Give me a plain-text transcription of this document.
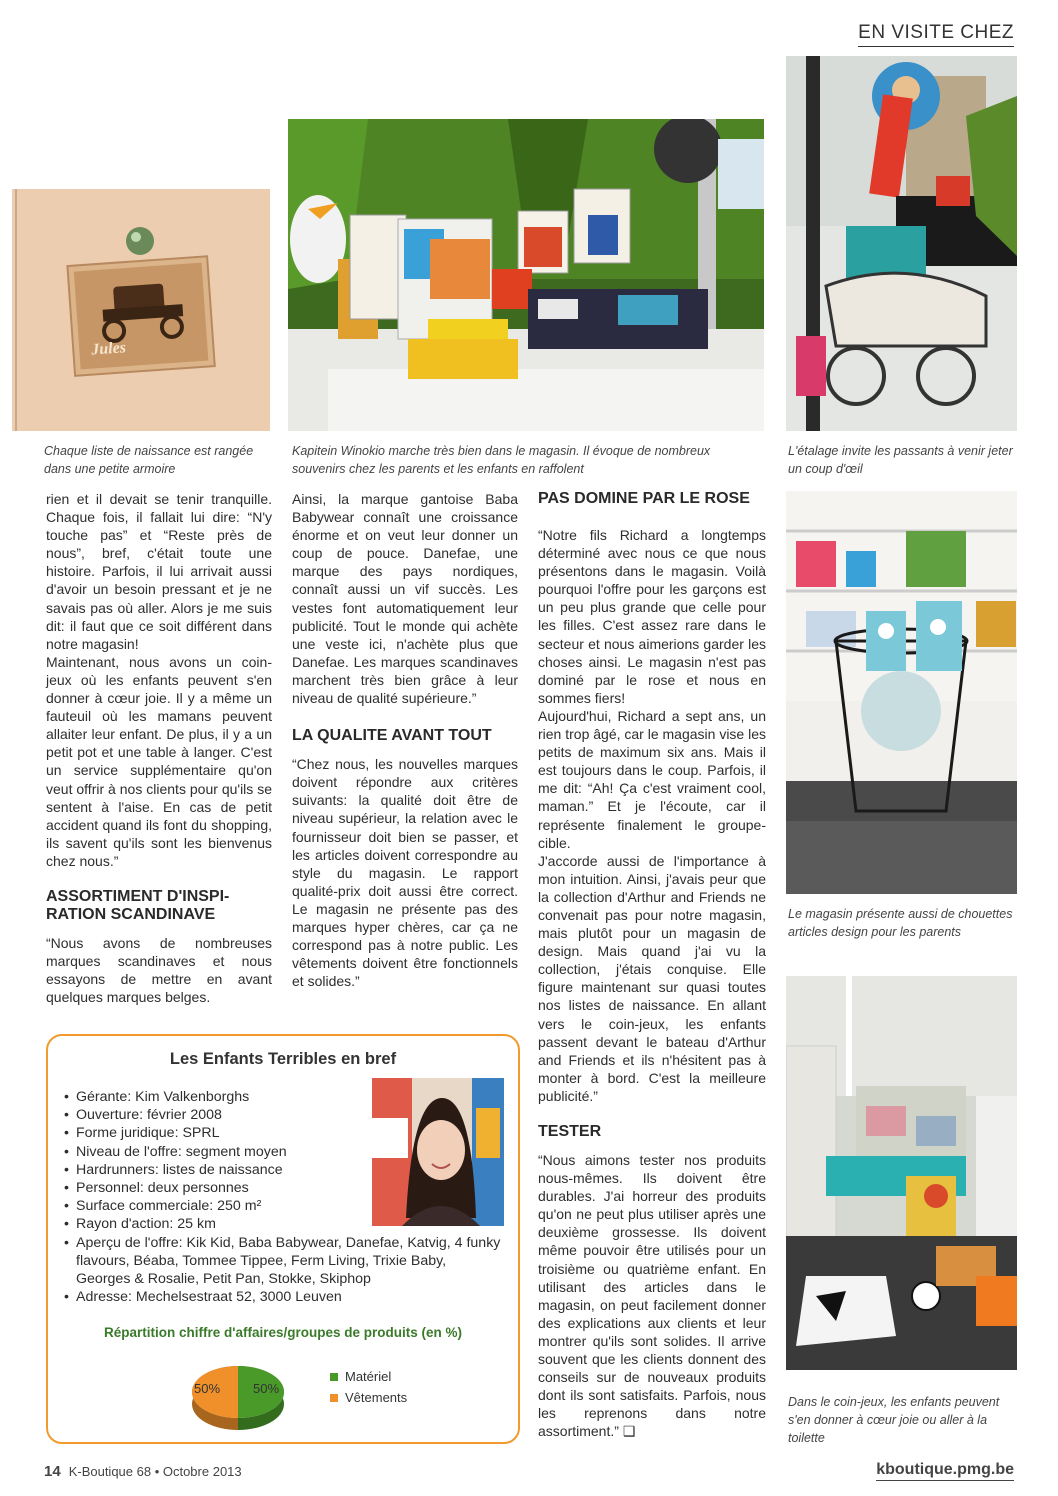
EN VISITE CHEZ
Jules
Chaque liste de naissance est rangée dans une petite armoire
Kapitein Winokio marche très bien dans le magasin. Il évoque de nombreux souvenirs chez les parents et les enfants en raffolent
L'étalage invite les passants à venir jeter un coup d'œil
Le magasin présente aussi de chouettes articles design pour les parents
Dans le coin-jeux, les enfants peuvent s'en donner à cœur joie ou aller à la toilette

rien et il devait se tenir tranquille. Chaque fois, il fallait lui dire: “N'y touche pas” et “Reste près de nous”, bref, c'était toute une histoire. Parfois, il lui arrivait aussi d'avoir un besoin pressant et je ne savais pas où aller. Alors je me suis dit: il faut que ce soit différent dans notre magasin!

Maintenant, nous avons un coin-jeux où les enfants peuvent s'en donner à cœur joie. Il y a même un fauteuil où les mamans peuvent allaiter leur enfant. De plus, il y a un petit pot et une table à langer. C'est un service supplémentaire qu'on veut offrir à nos clients pour qu'ils se sentent à l'aise. En cas de petit accident quand ils font du shopping, ils savent qu'ils sont les bienvenus chez nous.”

ASSORTIMENT D'INSPI- RATION SCANDINAVE

“Nous avons de nombreuses marques scandinaves et nous essayons de mettre en avant quelques marques belges.

Ainsi, la marque gantoise Baba Babywear connaît une croissance énorme et on veut leur donner un coup de pouce. Danefae, une marque des pays nordiques, connaît aussi un vif succès. Les vestes font automatiquement leur publicité. Tout le monde qui achète une veste ici, n'achète plus que Danefae. Les marques scandinaves marchent très bien grâce à leur niveau de qualité supérieure.”

LA QUALITE AVANT TOUT

“Chez nous, les nouvelles marques doivent répondre aux critères suivants: la qualité doit être de niveau supérieur, la relation avec le fournisseur doit bien se passer, et les articles doivent correspondre au style du magasin. Le rapport qualité-prix doit aussi être correct. Le magasin ne présente pas des marques hyper chères, car ça ne correspond pas à notre public. Les vêtements doivent être fonctionnels et solides.”

PAS DOMINE PAR LE ROSE

“Notre fils Richard a longtemps déterminé avec nous ce que nous présentons dans le magasin. Voilà pourquoi l'offre pour les garçons est un peu plus grande que celle pour les filles. C'est assez rare dans le secteur et nous aimerions garder les choses ainsi. Le magasin n'est pas dominé par le rose et nous en sommes fiers!

Aujourd'hui, Richard a sept ans, un rien trop âgé, car le magasin vise les petits de maximum six ans. Mais il est toujours dans le coup. Parfois, il me dit: “Ah! Ça c'est vraiment cool, maman.” Et je l'écoute, car il représente finalement le groupe-cible.

J'accorde aussi de l'importance à mon intuition. Ainsi, j'avais peur que la collection d'Arthur and Friends ne convenait pas pour notre magasin, mais plutôt pour un magasin de design. Mais quand j'ai vu la collection, j'étais conquise. Elle figure maintenant sur quasi toutes nos listes de naissance. En allant vers le coin-jeux, les enfants passent devant le bateau d'Arthur and Friends et ils n'hésitent pas à monter à bord. C'est la meilleure publicité.”

TESTER

“Nous aimons tester nos produits nous-mêmes. Ils doivent être durables. J'ai horreur des produits qu'on ne peut plus utiliser après une deuxième grossesse. Ils doivent même pouvoir être utilisés pour un troisième ou quatrième enfant. En utilisant des articles dans le magasin, on peut facilement donner des explications aux clients et leur montrer qu'ils sont solides. Il arrive souvent que les clients donnent des conseils sur de nouveaux produits dont ils sont satisfaits. Parfois, nous les reprenons dans notre assortiment.” ❑

Les Enfants Terribles en bref
• Gérante: Kim Valkenborghs
• Ouverture: février 2008
• Forme juridique: SPRL
• Niveau de l'offre: segment moyen
• Hardrunners: listes de naissance
• Personnel: deux personnes
• Surface commerciale: 250 m²
• Rayon d'action: 25 km
• Aperçu de l'offre: Kik Kid, Baba Babywear, Danefae, Katvig, 4 funky flavours, Béaba, Tommee Tippee, Ferm Living, Trixie Baby, Georges & Rosalie, Petit Pan, Stokke, Skiphop
• Adresse: Mechelsestraat 52, 3000 Leuven
Répartition chiffre d'affaires/groupes de produits (en %)
50%	50%
Matériel
Vêtements
14 K-Boutique 68 • Octobre 2013	kboutique.pmg.be
